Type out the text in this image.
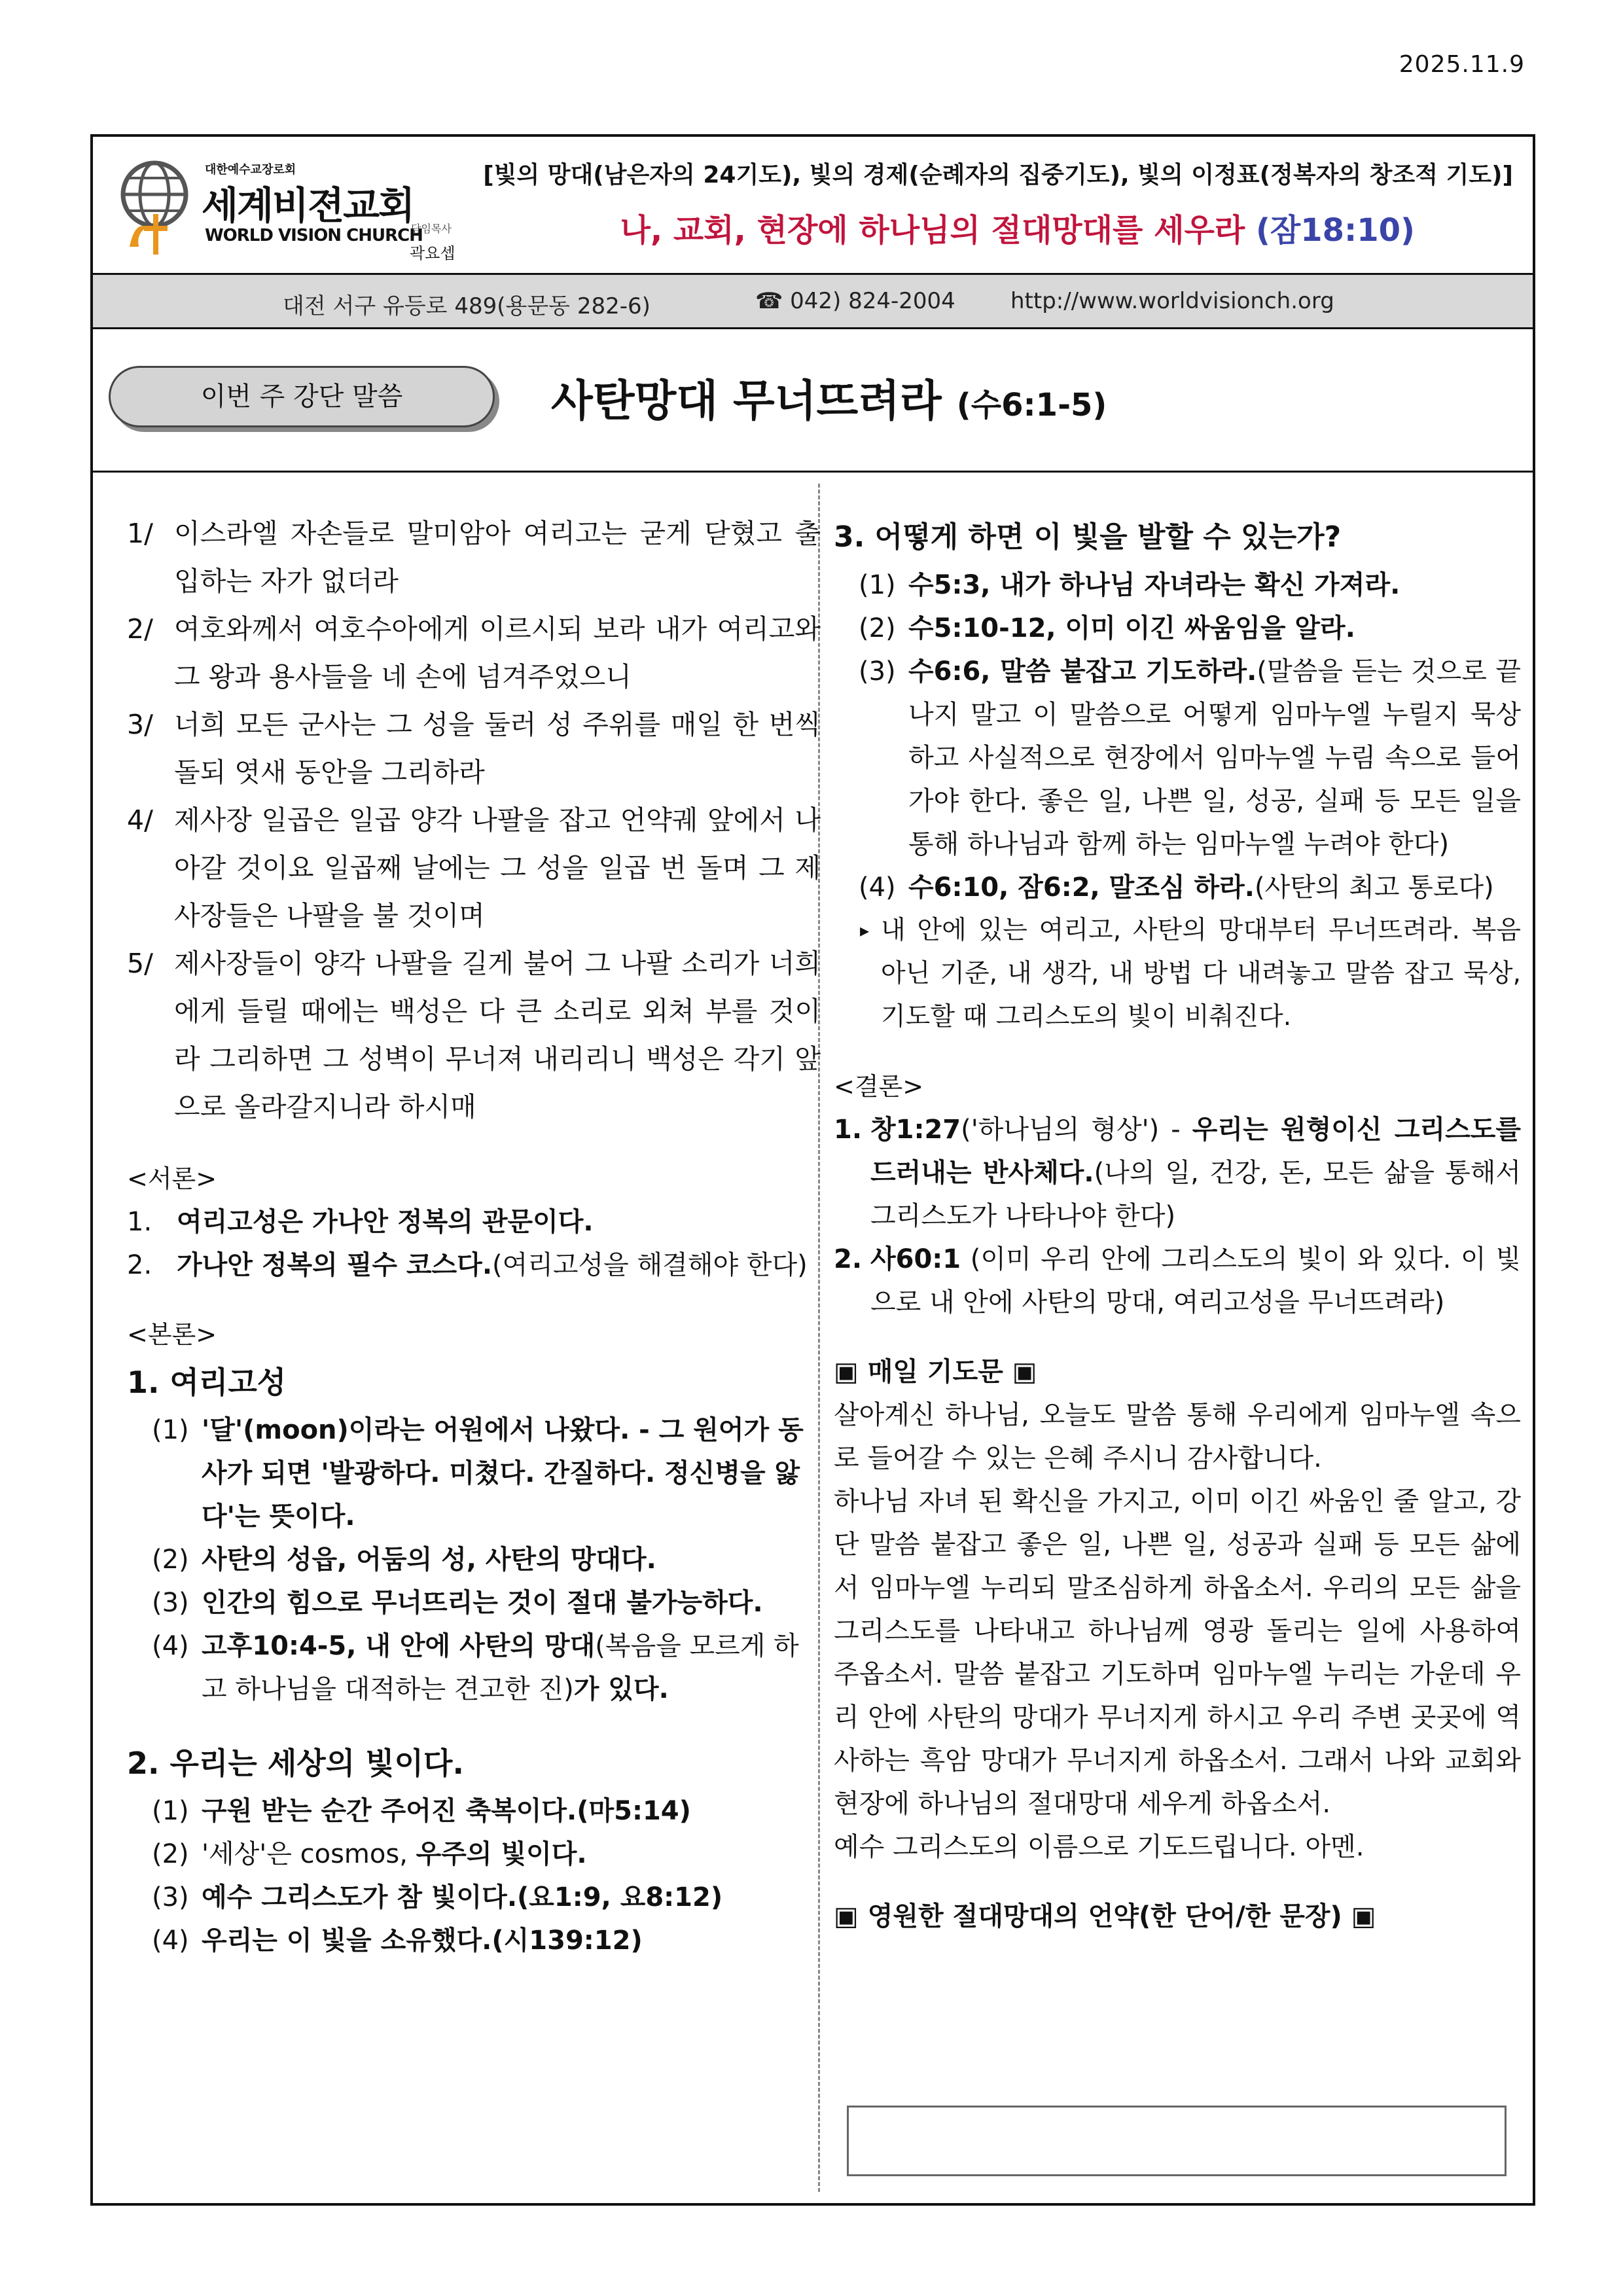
2025.11.9
대한예수교장로회
세계비젼교회
WORLD VISION CHURCH
담임목사
곽요셉
[빛의 망대(남은자의 24기도), 빛의 경제(순례자의 집중기도), 빛의 이정표(정복자의 창조적 기도)]
나, 교회, 현장에 하나님의 절대망대를 세우라 (잠18:10)
대전 서구 유등로 489(용문동 282-6)	☎ 042) 824-2004 http://www.worldvisionch.org
이번 주 강단 말씀	사탄망대 무너뜨려라 (수6:1-5)
1/ 이스라엘 자손들로 말미암아 여리고는 굳게 닫혔고 출입하는 자가 없더라
2/ 여호와께서 여호수아에게 이르시되 보라 내가 여리고와 그 왕과 용사들을 네 손에 넘겨주었으니
3/ 너희 모든 군사는 그 성을 둘러 성 주위를 매일 한 번씩 돌되 엿새 동안을 그리하라
4/ 제사장 일곱은 일곱 양각 나팔을 잡고 언약궤 앞에서 나아갈 것이요 일곱째 날에는 그 성을 일곱 번 돌며 그 제사장들은 나팔을 불 것이며
5/ 제사장들이 양각 나팔을 길게 불어 그 나팔 소리가 너희에게 들릴 때에는 백성은 다 큰 소리로 외쳐 부를 것이라 그리하면 그 성벽이 무너져 내리리니 백성은 각기 앞으로 올라갈지니라 하시매
<서론>
1. 여리고성은 가나안 정복의 관문이다.
2. 가나안 정복의 필수 코스다.(여리고성을 해결해야 한다)
<본론>
1. 여리고성
(1) '달'(moon)이라는 어원에서 나왔다. - 그 원어가 동사가 되면 '발광하다. 미쳤다. 간질하다. 정신병을 앓다'는 뜻이다.
(2) 사탄의 성읍, 어둠의 성, 사탄의 망대다.
(3) 인간의 힘으로 무너뜨리는 것이 절대 불가능하다.
(4) 고후10:4-5, 내 안에 사탄의 망대(복음을 모르게 하고 하나님을 대적하는 견고한 진)가 있다.
2. 우리는 세상의 빛이다.
(1) 구원 받는 순간 주어진 축복이다.(마5:14)
(2) '세상'은 cosmos, 우주의 빛이다.
(3) 예수 그리스도가 참 빛이다.(요1:9, 요8:12)
(4) 우리는 이 빛을 소유했다.(시139:12)
3. 어떻게 하면 이 빛을 발할 수 있는가?
(1) 수5:3, 내가 하나님 자녀라는 확신 가져라.
(2) 수5:10-12, 이미 이긴 싸움임을 알라.
(3) 수6:6, 말씀 붙잡고 기도하라.(말씀을 듣는 것으로 끝나지 말고 이 말씀으로 어떻게 임마누엘 누릴지 묵상하고 사실적으로 현장에서 임마누엘 누림 속으로 들어가야 한다. 좋은 일, 나쁜 일, 성공, 실패 등 모든 일을 통해 하나님과 함께 하는 임마누엘 누려야 한다)
(4) 수6:10, 잠6:2, 말조심 하라.(사탄의 최고 통로다)
▸ 내 안에 있는 여리고, 사탄의 망대부터 무너뜨려라. 복음 아닌 기준, 내 생각, 내 방법 다 내려놓고 말씀 잡고 묵상, 기도할 때 그리스도의 빛이 비춰진다.
<결론>
1. 창1:27('하나님의 형상') - 우리는 원형이신 그리스도를 드러내는 반사체다.(나의 일, 건강, 돈, 모든 삶을 통해서 그리스도가 나타나야 한다)
2. 사60:1 (이미 우리 안에 그리스도의 빛이 와 있다. 이 빛으로 내 안에 사탄의 망대, 여리고성을 무너뜨려라)
▣ 매일 기도문 ▣
살아계신 하나님, 오늘도 말씀 통해 우리에게 임마누엘 속으로 들어갈 수 있는 은혜 주시니 감사합니다.
하나님 자녀 된 확신을 가지고, 이미 이긴 싸움인 줄 알고, 강단 말씀 붙잡고 좋은 일, 나쁜 일, 성공과 실패 등 모든 삶에서 임마누엘 누리되 말조심하게 하옵소서. 우리의 모든 삶을 그리스도를 나타내고 하나님께 영광 돌리는 일에 사용하여 주옵소서. 말씀 붙잡고 기도하며 임마누엘 누리는 가운데 우리 안에 사탄의 망대가 무너지게 하시고 우리 주변 곳곳에 역사하는 흑암 망대가 무너지게 하옵소서. 그래서 나와 교회와 현장에 하나님의 절대망대 세우게 하옵소서.
예수 그리스도의 이름으로 기도드립니다. 아멘.
▣ 영원한 절대망대의 언약(한 단어/한 문장) ▣
